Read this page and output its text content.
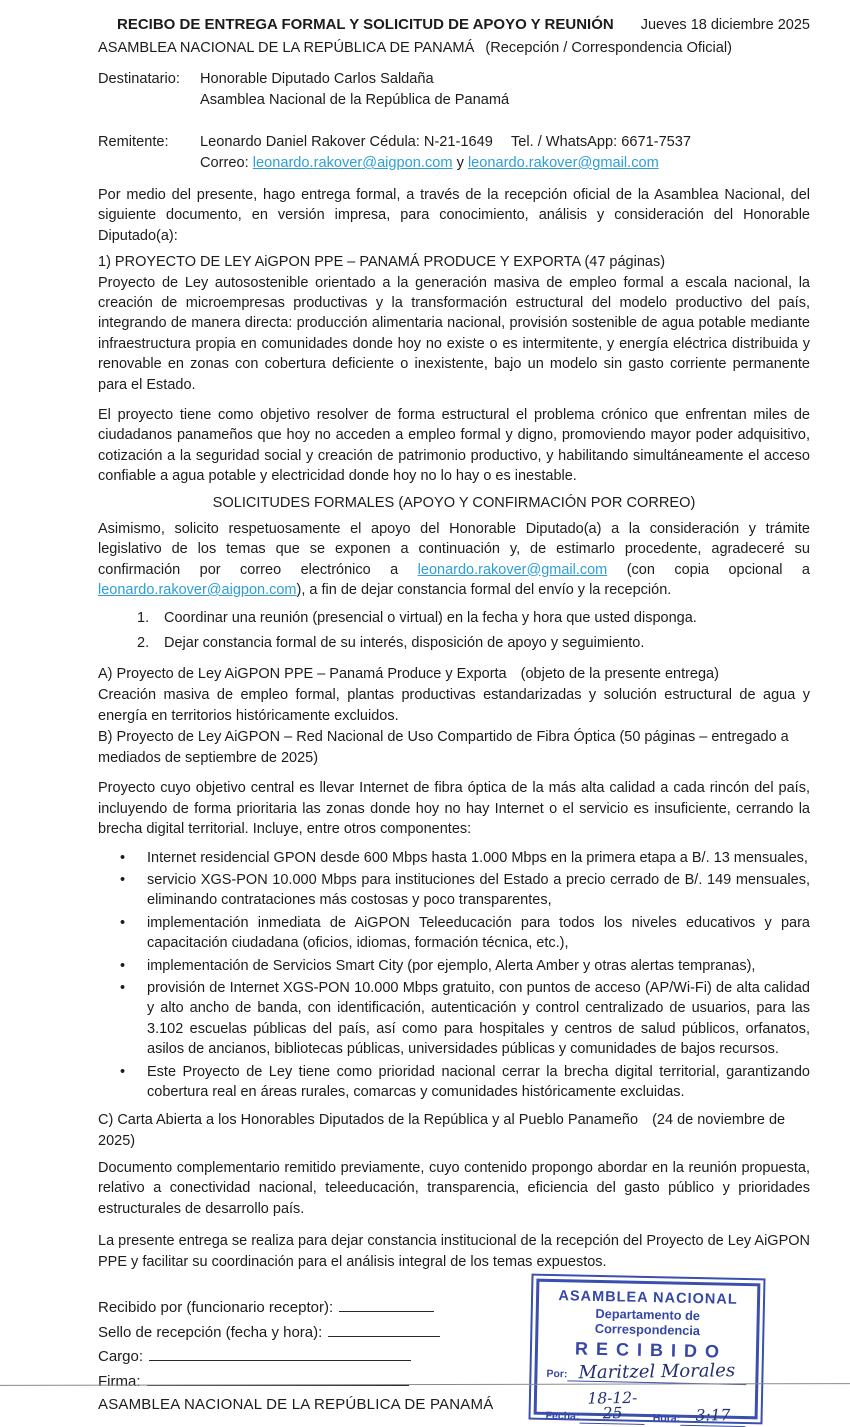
RECIBO DE ENTREGA FORMAL Y SOLICITUD DE APOYO Y REUNIÓN	Jueves 18 diciembre 2025
ASAMBLEA NACIONAL DE LA REPÚBLICA DE PANAMÁ (Recepción / Correspondencia Oficial)
Destinatario:	Honorable Diputado Carlos Saldaña
Asamblea Nacional de la República de Panamá
Remitente:	Leonardo Daniel Rakover Cédula: N-21-1649 Tel. / WhatsApp: 6671-7537
Correo: leonardo.rakover@aigpon.com y leonardo.rakover@gmail.com

Por medio del presente, hago entrega formal, a través de la recepción oficial de la Asamblea Nacional, del siguiente documento, en versión impresa, para conocimiento, análisis y consideración del Honorable Diputado(a):

1) PROYECTO DE LEY AiGPON PPE – PANAMÁ PRODUCE Y EXPORTA (47 páginas)

Proyecto de Ley autosostenible orientado a la generación masiva de empleo formal a escala nacional, la creación de microempresas productivas y la transformación estructural del modelo productivo del país, integrando de manera directa: producción alimentaria nacional, provisión sostenible de agua potable mediante infraestructura propia en comunidades donde hoy no existe o es intermitente, y energía eléctrica distribuida y renovable en zonas con cobertura deficiente o inexistente, bajo un modelo sin gasto corriente permanente para el Estado.

El proyecto tiene como objetivo resolver de forma estructural el problema crónico que enfrentan miles de ciudadanos panameños que hoy no acceden a empleo formal y digno, promoviendo mayor poder adquisitivo, cotización a la seguridad social y creación de patrimonio productivo, y habilitando simultáneamente el acceso confiable a agua potable y electricidad donde hoy no lo hay o es inestable.

SOLICITUDES FORMALES (APOYO Y CONFIRMACIÓN POR CORREO)

Asimismo, solicito respetuosamente el apoyo del Honorable Diputado(a) a la consideración y trámite legislativo de los temas que se exponen a continuación y, de estimarlo procedente, agradeceré su confirmación por correo electrónico a leonardo.rakover@gmail.com (con copia opcional a leonardo.rakover@aigpon.com), a fin de dejar constancia formal del envío y la recepción.

1.	Coordinar una reunión (presencial o virtual) en la fecha y hora que usted disponga.
2.	Dejar constancia formal de su interés, disposición de apoyo y seguimiento.
A) Proyecto de Ley AiGPON PPE – Panamá Produce y Exporta (objeto de la presente entrega)
Creación masiva de empleo formal, plantas productivas estandarizadas y solución estructural de agua y energía en territorios históricamente excluidos.
B) Proyecto de Ley AiGPON – Red Nacional de Uso Compartido de Fibra Óptica (50 páginas – entregado a mediados de septiembre de 2025)

Proyecto cuyo objetivo central es llevar Internet de fibra óptica de la más alta calidad a cada rincón del país, incluyendo de forma prioritaria las zonas donde hoy no hay Internet o el servicio es insuficiente, cerrando la brecha digital territorial. Incluye, entre otros componentes:

•
Internet residencial GPON desde 600 Mbps hasta 1.000 Mbps en la primera etapa a B/. 13 mensuales,
•
servicio XGS-PON 10.000 Mbps para instituciones del Estado a precio cerrado de B/. 149 mensuales, eliminando contrataciones más costosas y poco transparentes,
•
implementación inmediata de AiGPON Teleeducación para todos los niveles educativos y para capacitación ciudadana (oficios, idiomas, formación técnica, etc.),
•
implementación de Servicios Smart City (por ejemplo, Alerta Amber y otras alertas tempranas),
•
provisión de Internet XGS-PON 10.000 Mbps gratuito, con puntos de acceso (AP/Wi-Fi) de alta calidad y alto ancho de banda, con identificación, autenticación y control centralizado de usuarios, para las 3.102 escuelas públicas del país, así como para hospitales y centros de salud públicos, orfanatos, asilos de ancianos, bibliotecas públicas, universidades públicas y comunidades de bajos recursos.
•
Este Proyecto de Ley tiene como prioridad nacional cerrar la brecha digital territorial, garantizando cobertura real en áreas rurales, comarcas y comunidades históricamente excluidas.
C) Carta Abierta a los Honorables Diputados de la República y al Pueblo Panameño (24 de noviembre de 2025)

Documento complementario remitido previamente, cuyo contenido propongo abordar en la reunión propuesta, relativo a conectividad nacional, teleeducación, transparencia, eficiencia del gasto público y prioridades estructurales de desarrollo país.

La presente entrega se realiza para dejar constancia institucional de la recepción del Proyecto de Ley AiGPON PPE y facilitar su coordinación para el análisis integral de los temas expuestos.

Recibido por (funcionario receptor):
Sello de recepción (fecha y hora):
Cargo:
Firma:
ASAMBLEA NACIONAL DE LA REPÚBLICA DE PANAMÁ
ASAMBLEA NACIONAL
Departamento de Correspondencia
RECIBIDO
Por: Maritzel Morales
Fecha:
18-12-25	Hora: 3:17
